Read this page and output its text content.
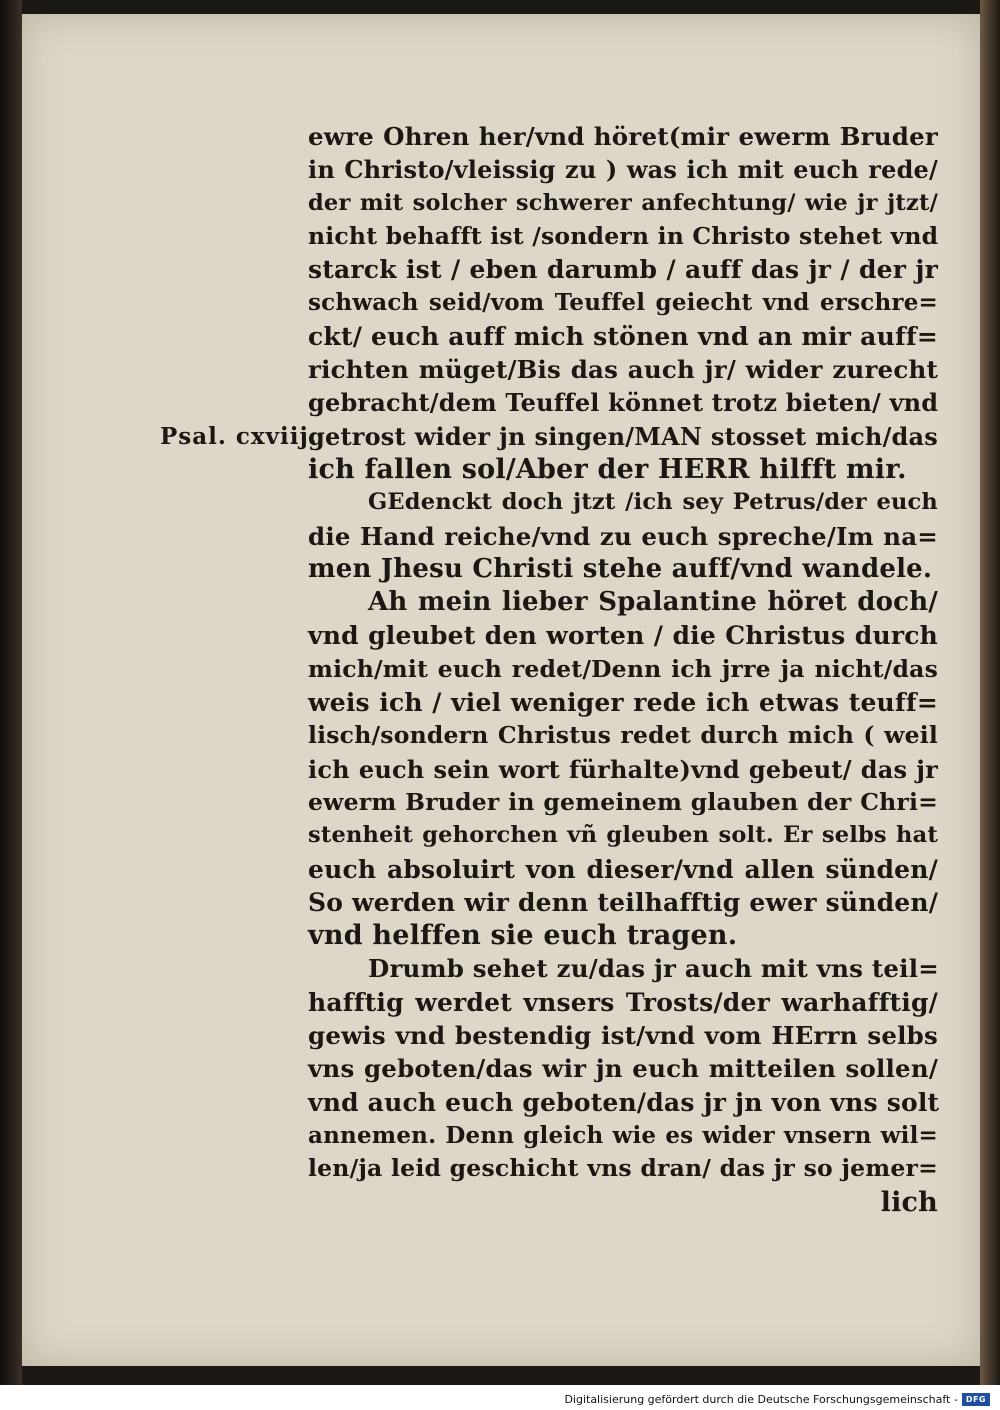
Psal. cxviij.
ewre Ohren her/vnd höret(mir ewerm Bruder
in Christo/vleissig zu ) was ich mit euch rede/
der mit solcher schwerer anfechtung/ wie jr jtzt/
nicht behafft ist /sondern in Christo stehet vnd
starck ist / eben darumb / auff das jr / der jr
schwach seid/vom Teuffel geiecht vnd erschre=
ckt/ euch auff mich stönen vnd an mir auff=
richten müget/Bis das auch jr/ wider zurecht
gebracht/dem Teuffel könnet trotz bieten/ vnd
getrost wider jn singen/MAN stosset mich/das
ich fallen sol/Aber der HERR hilfft mir.
GEdenckt doch jtzt /ich sey Petrus/der euch
die Hand reiche/vnd zu euch spreche/Im na=
men Jhesu Christi stehe auff/vnd wandele.
Ah mein lieber Spalantine höret doch/
vnd gleubet den worten / die Christus durch
mich/mit euch redet/Denn ich jrre ja nicht/das
weis ich / viel weniger rede ich etwas teuff=
lisch/sondern Christus redet durch mich ( weil
ich euch sein wort fürhalte)vnd gebeut/ das jr
ewerm Bruder in gemeinem glauben der Chri=
stenheit gehorchen vñ gleuben solt. Er selbs hat
euch absoluirt von dieser/vnd allen sünden/
So werden wir denn teilhafftig ewer sünden/
vnd helffen sie euch tragen.
Drumb sehet zu/das jr auch mit vns teil=
hafftig werdet vnsers Trosts/der warhafftig/
gewis vnd bestendig ist/vnd vom HErrn selbs
vns geboten/das wir jn euch mitteilen sollen/
vnd auch euch geboten/das jr jn von vns solt
annemen. Denn gleich wie es wider vnsern wil=
len/ja leid geschicht vns dran/ das jr so jemer=
lich
Digitalisierung gefördert durch die Deutsche Forschungsgemeinschaft -	DFG
